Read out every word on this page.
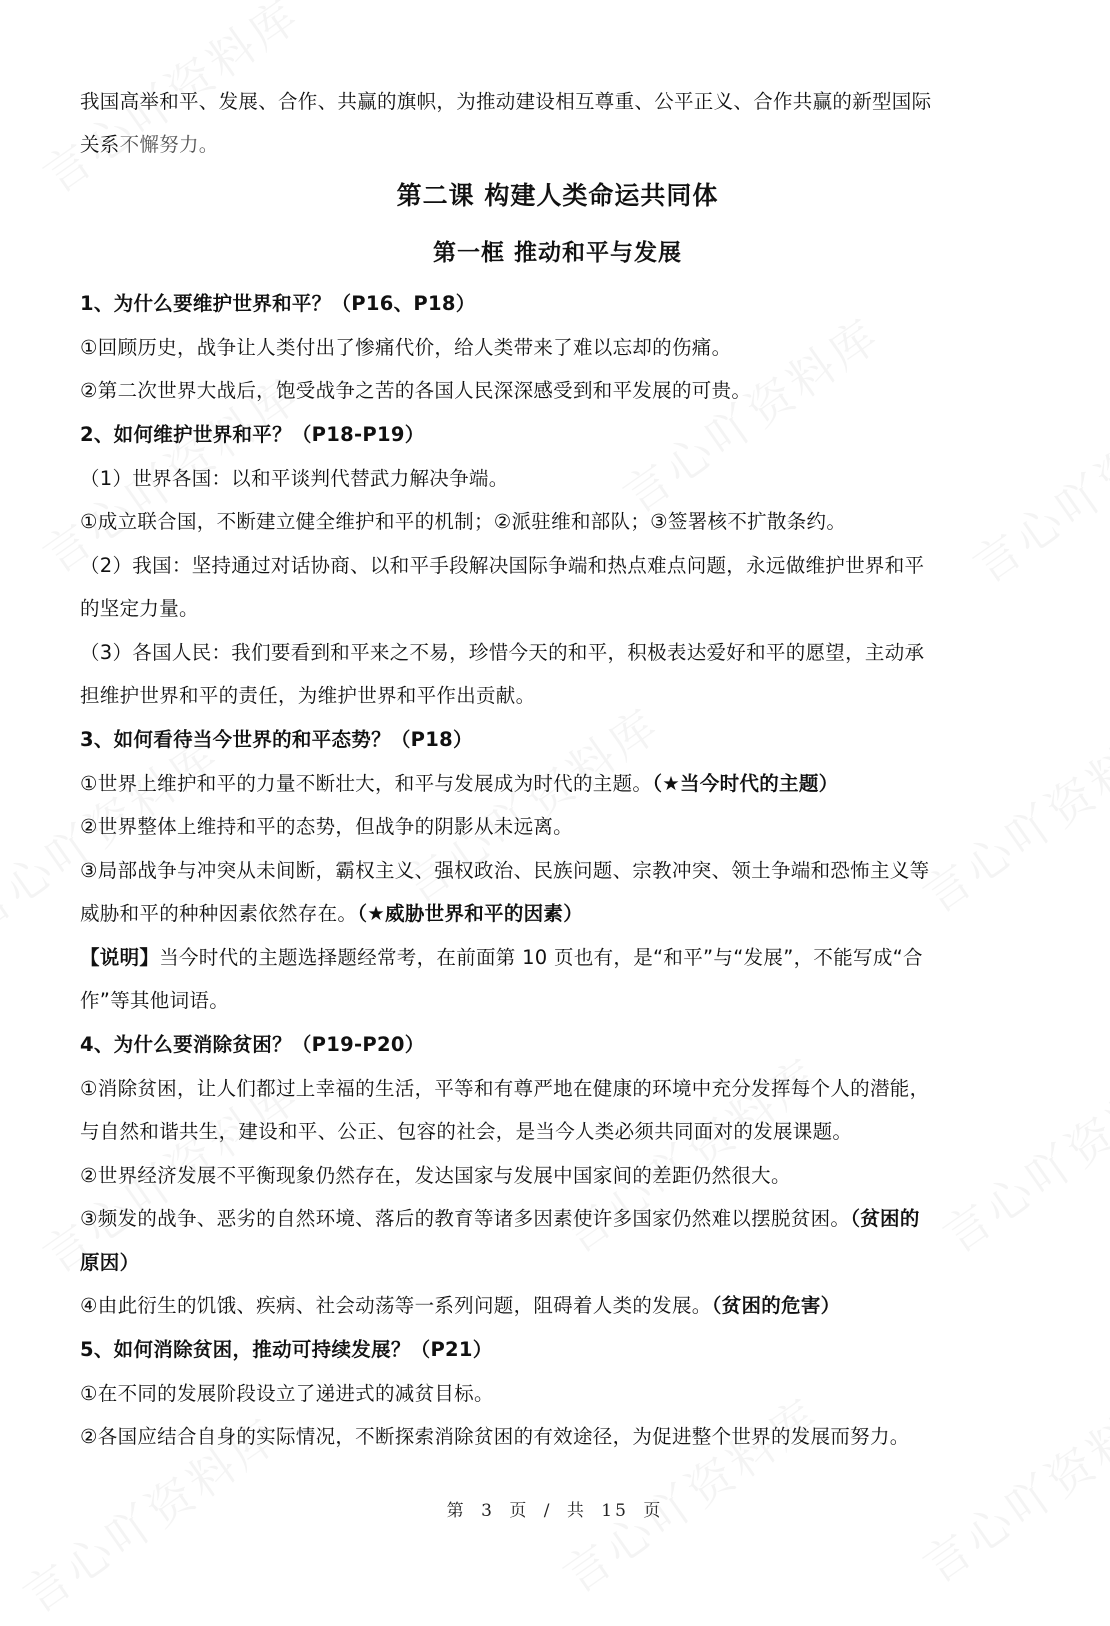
我国高举和平、发展、合作、共赢的旗帜，为推动建设相互尊重、公平正义、合作共赢的新型国际
关系不懈努力。
第二课 构建人类命运共同体
第一框 推动和平与发展
1、为什么要维护世界和平？（P16、P18）
①回顾历史，战争让人类付出了惨痛代价，给人类带来了难以忘却的伤痛。
②第二次世界大战后，饱受战争之苦的各国人民深深感受到和平发展的可贵。
2、如何维护世界和平？（P18-P19）
（1）世界各国：以和平谈判代替武力解决争端。
①成立联合国，不断建立健全维护和平的机制；②派驻维和部队；③签署核不扩散条约。
（2）我国：坚持通过对话协商、以和平手段解决国际争端和热点难点问题，永远做维护世界和平
的坚定力量。
（3）各国人民：我们要看到和平来之不易，珍惜今天的和平，积极表达爱好和平的愿望，主动承
担维护世界和平的责任，为维护世界和平作出贡献。
3、如何看待当今世界的和平态势？（P18）
①世界上维护和平的力量不断壮大，和平与发展成为时代的主题。（★当今时代的主题）
②世界整体上维持和平的态势，但战争的阴影从未远离。
③局部战争与冲突从未间断，霸权主义、强权政治、民族问题、宗教冲突、领土争端和恐怖主义等
威胁和平的种种因素依然存在。（★威胁世界和平的因素）
【说明】当今时代的主题选择题经常考，在前面第 10 页也有，是“和平”与“发展”，不能写成“合
作”等其他词语。
4、为什么要消除贫困？（P19-P20）
①消除贫困，让人们都过上幸福的生活，平等和有尊严地在健康的环境中充分发挥每个人的潜能，
与自然和谐共生，建设和平、公正、包容的社会，是当今人类必须共同面对的发展课题。
②世界经济发展不平衡现象仍然存在，发达国家与发展中国家间的差距仍然很大。
③频发的战争、恶劣的自然环境、落后的教育等诸多因素使许多国家仍然难以摆脱贫困。（贫困的
原因）
④由此衍生的饥饿、疾病、社会动荡等一系列问题，阻碍着人类的发展。（贫困的危害）
5、如何消除贫困，推动可持续发展？（P21）
①在不同的发展阶段设立了递进式的减贫目标。
②各国应结合自身的实际情况，不断探索消除贫困的有效途径，为促进整个世界的发展而努力。
第 3 页 / 共 15 页
